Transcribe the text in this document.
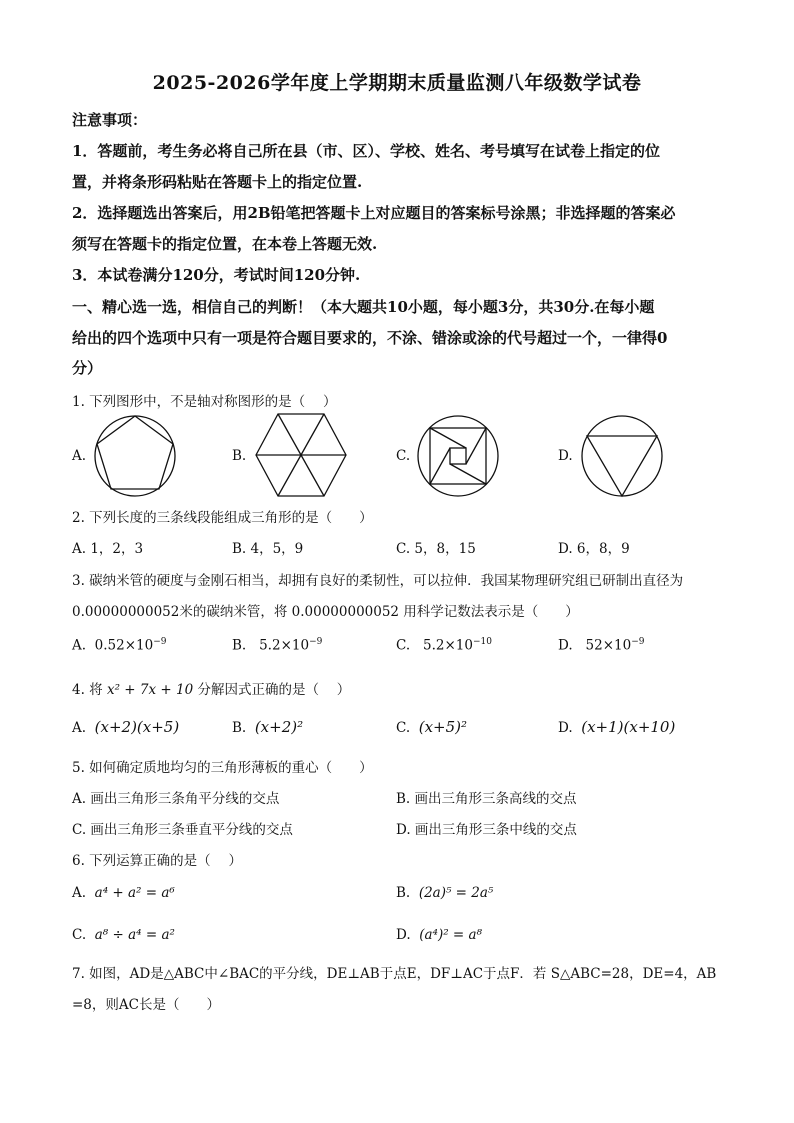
2025-2026学年度上学期期末质量监测八年级数学试卷
注意事项：
1．答题前，考生务必将自己所在县（市、区）、学校、姓名、考号填写在试卷上指定的位
置，并将条形码粘贴在答题卡上的指定位置.
2．选择题选出答案后，用2B铅笔把答题卡上对应题目的答案标号涂黑；非选择题的答案必
须写在答题卡的指定位置，在本卷上答题无效.
3．本试卷满分120分，考试时间120分钟.
一、精心选一选，相信自己的判断！（本大题共10小题，每小题3分，共30分.在每小题
给出的四个选项中只有一项是符合题目要求的，不涂、错涂或涂的代号超过一个，一律得0
分）
1. 下列图形中，不是轴对称图形的是（　 ）
A.	B.	C.	D.
2. 下列长度的三条线段能组成三角形的是（　　）
A. 1，2，3	B. 4，5，9	C. 5，8，15	D. 6，8，9
3. 碳纳米管的硬度与金刚石相当，却拥有良好的柔韧性，可以拉伸．我国某物理研究组已研制出直径为
0.00000000052米的碳纳米管，将 0.00000000052 用科学记数法表示是（　　）
A. $0.52\times 10^{-9}$	B. $5.2\times 10^{-9}$	C. $5.2\times 10^{-10}$	D. $52\times 10^{-9}$
4. 将 x² + 7x + 10 分解因式正确的是（　 ）
A. (x+2)(x+5)	B. (x+2)²	C. (x+5)²	D. (x+1)(x+10)
5. 如何确定质地均匀的三角形薄板的重心（　　）
A. 画出三角形三条角平分线的交点	B. 画出三角形三条高线的交点
C. 画出三角形三条垂直平分线的交点	D. 画出三角形三条中线的交点
6. 下列运算正确的是（　 ）
A. a⁴ + a² = a⁶	B. (2a)⁵ = 2a⁵
C. a⁸ ÷ a⁴ = a²	D. (a⁴)² = a⁸
7. 如图，AD是△ABC中∠BAC的平分线，DE⊥AB于点E，DF⊥AC于点F．若 S△ABC=28，DE=4，AB
=8，则AC长是（　　）
